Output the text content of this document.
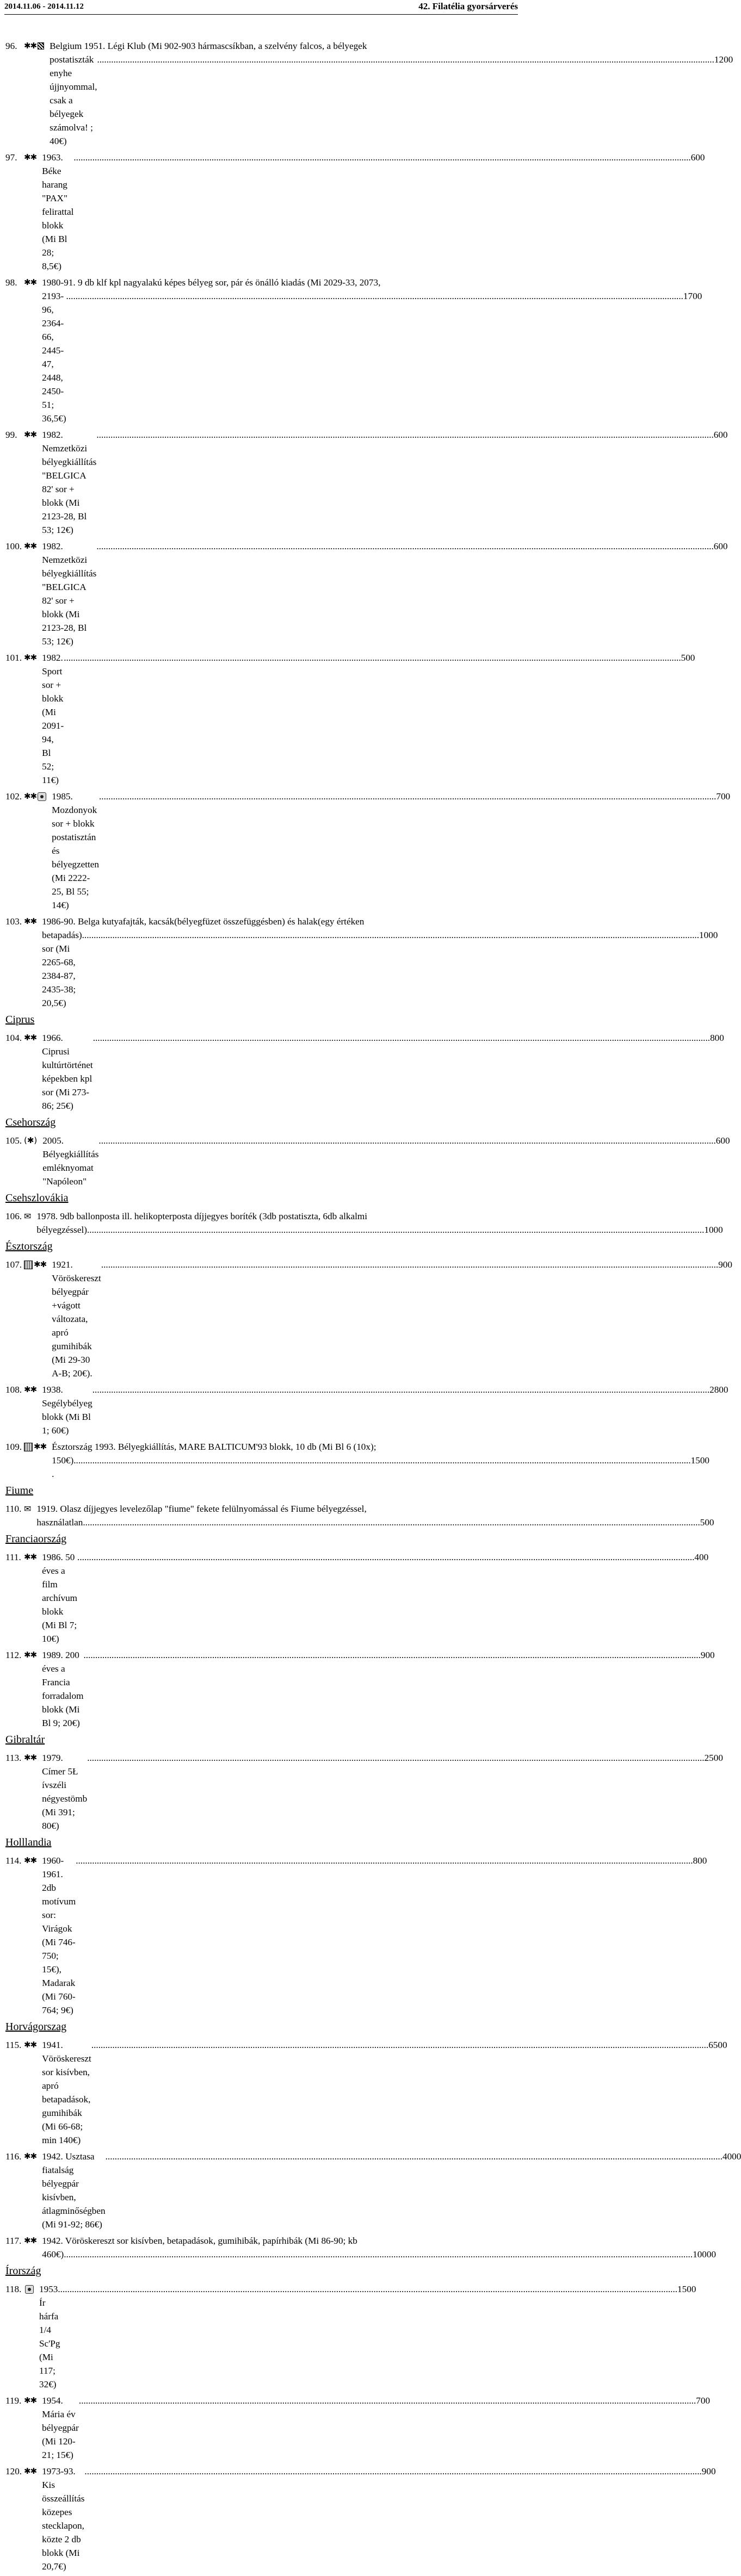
2014.11.06 - 2014.11.12	42. Filatélia gyorsárverés
96. ✱✱ Belgium 1951. Légi Klub (Mi 902-903 hármascsíkban, a szelvény falcos, a bélyegek
postatiszták enyhe újjnyommal, csak a bélyegek számolva! ; 40€)
.....
1200
97. ✱✱ 1963. Béke harang "PAX" felirattal blokk (Mi Bl 28; 8,5€)
.....
600
98. ✱✱ 1980-91. 9 db klf kpl nagyalakú képes bélyeg sor, pár és önálló kiadás (Mi 2029-33, 2073,
2193-96, 2364-66, 2445-47, 2448, 2450-51; 36,5€)
.....
1700
99. ✱✱ 1982. Nemzetközi bélyegkiállítás "BELGICA 82' sor + blokk (Mi 2123-28, Bl 53; 12€)
.....
600
100. ✱✱ 1982. Nemzetközi bélyegkiállítás "BELGICA 82' sor + blokk (Mi 2123-28, Bl 53; 12€)
.....
600
101. ✱✱ 1982. Sport sor + blokk (Mi 2091-94, Bl 52; 11€)
.....
500
102. ✱✱ 1985. Mozdonyok sor + blokk postatisztán és bélyegzetten (Mi 2222-25, Bl 55; 14€)
.....
700
103. ✱✱ 1986-90. Belga kutyafajták, kacsák(bélyegfüzet összefüggésben) és halak(egy értéken
betapadás) sor (Mi 2265-68, 2384-87, 2435-38; 20,5€)
.....
1000
Ciprus
104. ✱✱ 1966. Ciprusi kultúrtörténet képekben kpl sor (Mi 273-86; 25€)
.....
800
Csehország
105. (✱) 2005. Bélyegkiállítás emléknyomat "Napóleon"
.....
600
Csehszlovákia
106. ✉ 1978. 9db ballonposta ill. helikopterposta díjjegyes boríték (3db postatiszta, 6db alkalmi
bélyegzéssel) .....	1000
Észtország
107. ✱✱ 1921. Vöröskereszt bélyegpár +vágott változata, apró gumihibák (Mi 29-30 A-B; 20€).
.....
900
108. ✱✱ 1938. Segélybélyeg blokk (Mi Bl 1; 60€)
.....
2800
109. ✱✱ Észtország 1993. Bélyegkiállítás, MARE BALTICUM'93 blokk, 10 db (Mi Bl 6 (10x);
150€) .
.....
1500
Fiume
110. ✉ 1919. Olasz díjjegyes levelezőlap "fiume" fekete felülnyomással és Fiume bélyegzéssel,
használatlan .....	500
Franciaország
111. ✱✱ 1986. 50 éves a film archívum blokk (Mi Bl 7; 10€)
.....
400
112. ✱✱ 1989. 200 éves a Francia forradalom blokk (Mi Bl 9; 20€)
.....
900
Gibraltár
113. ✱✱ 1979. Címer 5Ł ívszéli négyestömb (Mi 391; 80€)
.....
2500
Holllandia
114. ✱✱ 1960-1961. 2db motívum sor: Virágok (Mi 746-750; 15€), Madarak (Mi 760-764; 9€)
.....
800
Horvágorszag
115. ✱✱ 1941. Vöröskereszt sor kisívben, apró betapadások, gumihibák (Mi 66-68; min 140€)
.....
6500
116. ✱✱ 1942. Usztasa fiatalság bélyegpár kisívben, átlagminőségben (Mi 91-92; 86€)
.....
4000
117. ✱✱ 1942. Vöröskereszt sor kisívben, betapadások, gumihibák, papírhibák (Mi 86-90; kb
460€)..... .....	10000
Írország
118. 1953. Ír hárfa 1/4 Sc'Pg (Mi 117; 32€)
.....
1500
119. ✱✱ 1954. Mária év bélyegpár (Mi 120-21; 15€)
.....
700
120. ✱✱ 1973-93. Kis összeállítás közepes stecklapon, közte 2 db blokk (Mi 20,7€)
.....
900
